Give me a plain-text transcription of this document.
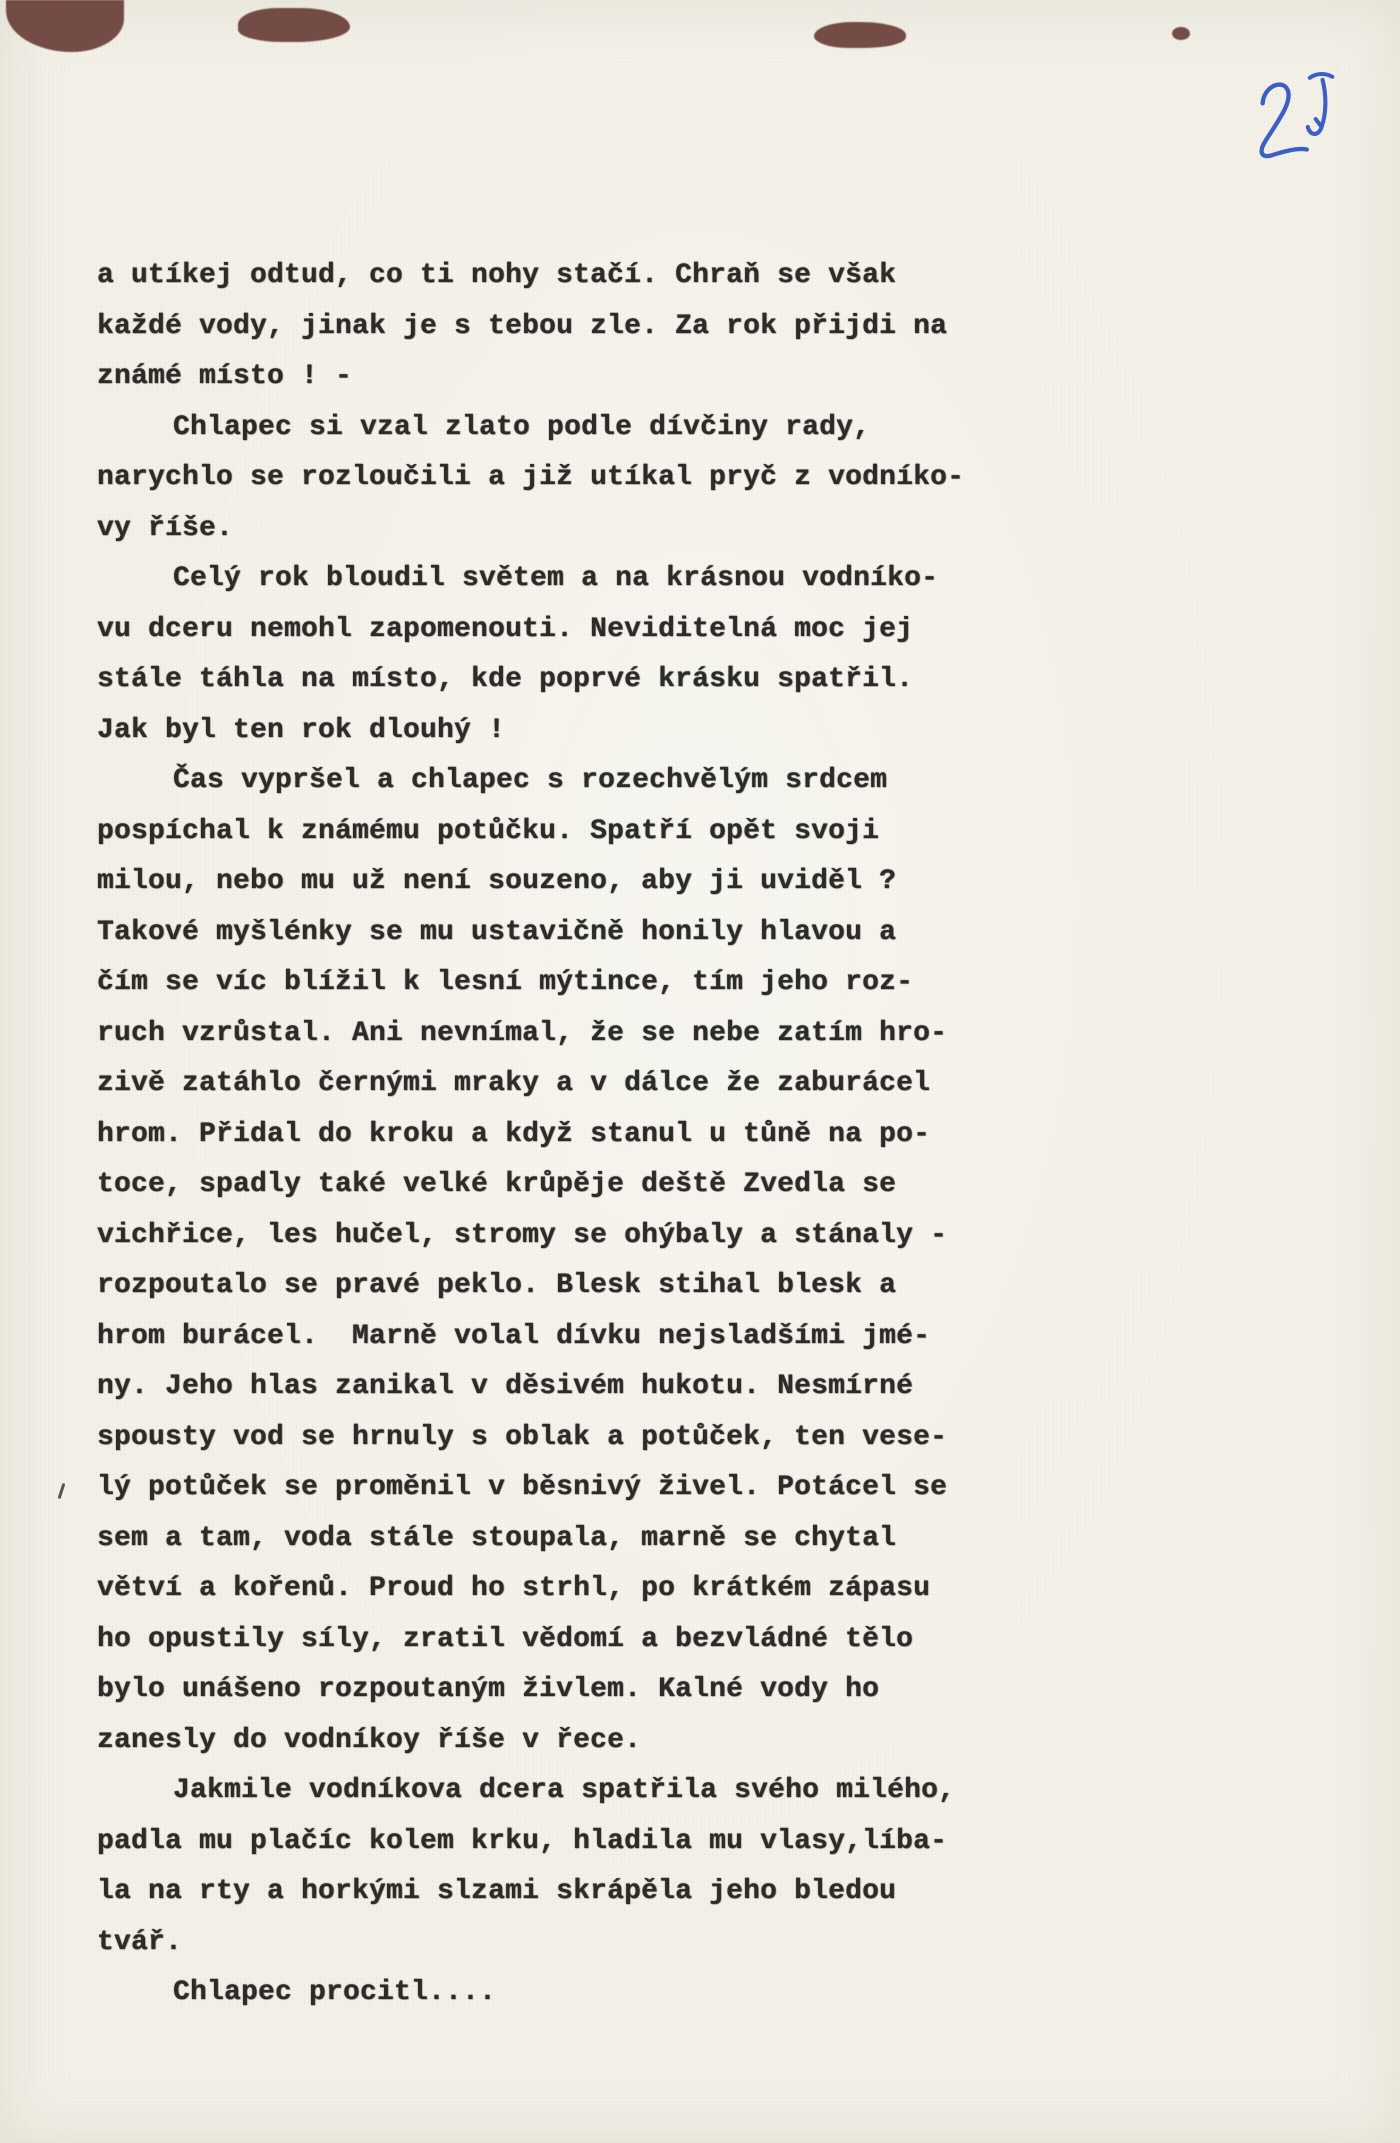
a utíkej odtud, co ti nohy stačí. Chraň se však
každé vody, jinak je s tebou zle. Za rok přijdi na
známé místo ! -
Chlapec si vzal zlato podle dívčiny rady,
narychlo se rozloučili a již utíkal pryč z vodníko-
vy říše.
Celý rok bloudil světem a na krásnou vodníko-
vu dceru nemohl zapomenouti. Neviditelná moc jej
stále táhla na místo, kde poprvé krásku spatřil.
Jak byl ten rok dlouhý !
Čas vypršel a chlapec s rozechvělým srdcem
pospíchal k známému potůčku. Spatří opět svoji
milou, nebo mu už není souzeno, aby ji uviděl ?
Takové myšlénky se mu ustavičně honily hlavou a
čím se víc blížil k lesní mýtince, tím jeho roz-
ruch vzrůstal. Ani nevnímal, že se nebe zatím hro-
zivě zatáhlo černými mraky a v dálce že zaburácel
hrom. Přidal do kroku a když stanul u tůně na po-
toce, spadly také velké krůpěje deště Zvedla se
vichřice, les hučel, stromy se ohýbaly a stánaly -
rozpoutalo se pravé peklo. Blesk stihal blesk a
hrom burácel.  Marně volal dívku nejsladšími jmé-
ny. Jeho hlas zanikal v děsivém hukotu. Nesmírné
spousty vod se hrnuly s oblak a potůček, ten vese-
lý potůček se proměnil v běsnivý živel. Potácel se
sem a tam, voda stále stoupala, marně se chytal
větví a kořenů. Proud ho strhl, po krátkém zápasu
ho opustily síly, zratil vědomí a bezvládné tělo
bylo unášeno rozpoutaným živlem. Kalné vody ho
zanesly do vodníkoy říše v řece.
Jakmile vodníkova dcera spatřila svého milého,
padla mu plačíc kolem krku, hladila mu vlasy,líba-
la na rty a horkými slzami skrápěla jeho bledou
tvář.
Chlapec procitl....
